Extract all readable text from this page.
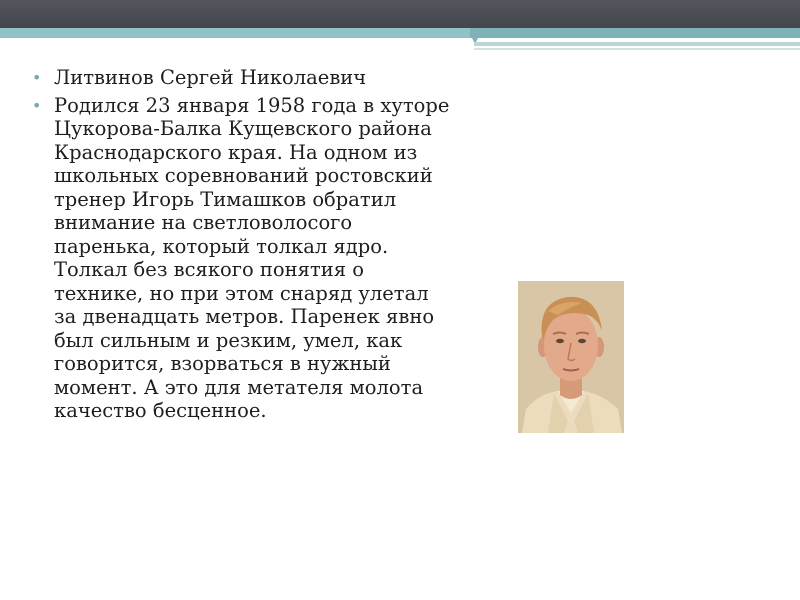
• Литвинов Сергей Николаевич
• Родился 23 января 1958 года в хуторе Цукорова-Балка Кущевского района Краснодарского края. На одном из школьных соревнований ростовский тренер Игорь Тимашков обратил внимание на светловолосого паренька, который толкал ядро. Толкал без всякого понятия о технике, но при этом снаряд улетал за двенадцать метров. Паренек явно был сильным и резким, умел, как говорится, взорваться в нужный момент. А это для метателя молота качество бесценное.
